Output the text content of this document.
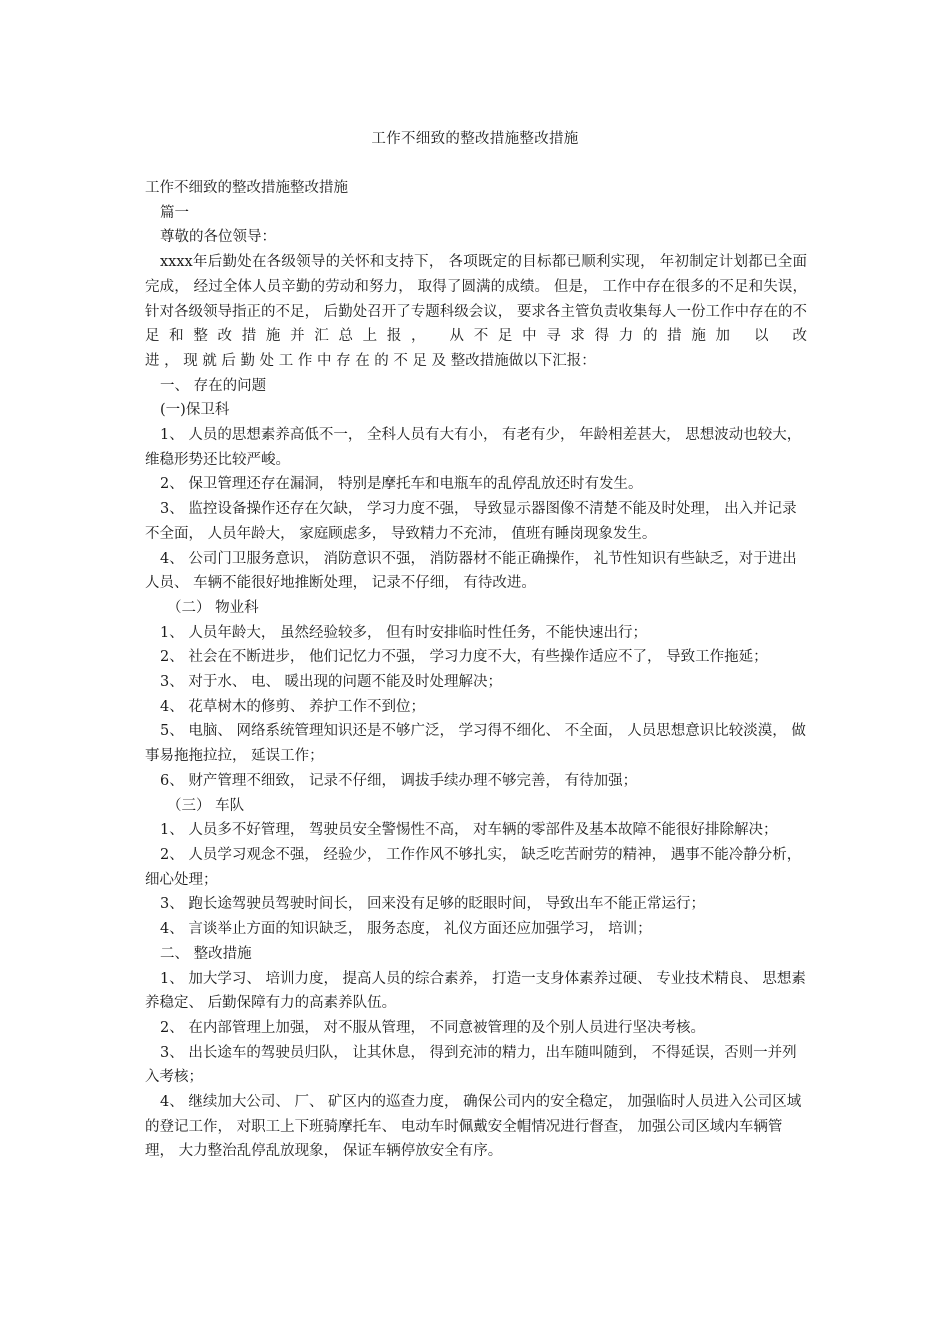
工作不细致的整改措施整改措施

工作不细致的整改措施整改措施

篇一

尊敬的各位领导：

xxxx年后勤处在各级领导的关怀和支持下， 各项既定的目标都已顺利实现， 年初制定计划都已全面完成， 经过全体人员辛勤的劳动和努力， 取得了圆满的成绩。 但是， 工作中存在很多的不足和失误， 针对各级领导指正的不足， 后勤处召开了专题科级会议， 要求各主管负责收集每人一份工作中存在的不足和整改措施并汇总上报， 从不足中寻求得力的措施加 以 改

进 ， 现 就 后 勤 处 工 作 中 存 在 的 不 足 及 整改措施做以下汇报：

一、 存在的问题

(一)保卫科

1、 人员的思想素养高低不一， 全科人员有大有小， 有老有少， 年龄相差甚大， 思想波动也较大， 维稳形势还比较严峻。

2、 保卫管理还存在漏洞， 特别是摩托车和电瓶车的乱停乱放还时有发生。

3、 监控设备操作还存在欠缺， 学习力度不强， 导致显示器图像不清楚不能及时处理， 出入并记录不全面， 人员年龄大， 家庭顾虑多， 导致精力不充沛， 值班有睡岗现象发生。

4、 公司门卫服务意识， 消防意识不强， 消防器材不能正确操作， 礼节性知识有些缺乏，对于进出人员、 车辆不能很好地推断处理， 记录不仔细， 有待改进。

（二） 物业科

1、 人员年龄大， 虽然经验较多， 但有时安排临时性任务，不能快速出行；

2、 社会在不断进步， 他们记忆力不强， 学习力度不大，有些操作适应不了， 导致工作拖延；

3、 对于水、 电、 暖出现的问题不能及时处理解决；

4、 花草树木的修剪、 养护工作不到位；

5、 电脑、 网络系统管理知识还是不够广泛， 学习得不细化、 不全面， 人员思想意识比较淡漠， 做事易拖拖拉拉， 延误工作；

6、 财产管理不细致， 记录不仔细， 调拔手续办理不够完善， 有待加强；

（三） 车队

1、 人员多不好管理， 驾驶员安全警惕性不高， 对车辆的零部件及基本故障不能很好排除解决；

2、 人员学习观念不强， 经验少， 工作作风不够扎实， 缺乏吃苦耐劳的精神， 遇事不能冷静分析， 细心处理；

3、 跑长途驾驶员驾驶时间长， 回来没有足够的眨眼时间， 导致出车不能正常运行；

4、 言谈举止方面的知识缺乏， 服务态度， 礼仪方面还应加强学习， 培训；

二、 整改措施

1、 加大学习、 培训力度， 提高人员的综合素养， 打造一支身体素养过硬、 专业技术精良、 思想素养稳定、 后勤保障有力的高素养队伍。

2、 在内部管理上加强， 对不服从管理， 不同意被管理的及个别人员进行坚决考核。

3、 出长途车的驾驶员归队， 让其休息， 得到充沛的精力，出车随叫随到， 不得延误，否则一并列入考核；

4、 继续加大公司、 厂、 矿区内的巡查力度， 确保公司内的安全稳定， 加强临时人员进入公司区域的登记工作， 对职工上下班骑摩托车、 电动车时佩戴安全帽情况进行督查， 加强公司区域内车辆管理， 大力整治乱停乱放现象， 保证车辆停放安全有序。
